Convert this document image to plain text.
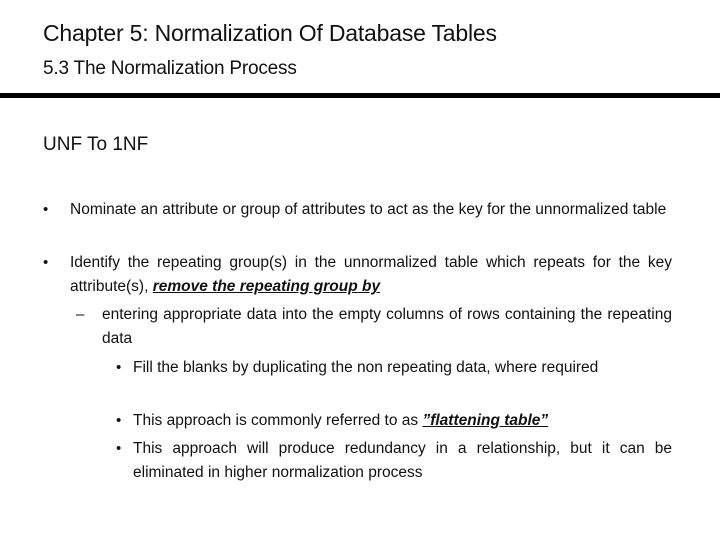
Chapter 5: Normalization Of Database Tables
5.3 The Normalization Process
UNF To 1NF
• Nominate an attribute or group of attributes to act as the key for the unnormalized table
• Identify the repeating group(s) in the unnormalized table which repeats for the key attribute(s), remove the repeating group by
– entering appropriate data into the empty columns of rows containing the repeating data
• Fill the blanks by duplicating the non repeating data, where required
• This approach is commonly referred to as ”flattening table”
• This approach will produce redundancy in a relationship, but it can be eliminated in higher normalization process
